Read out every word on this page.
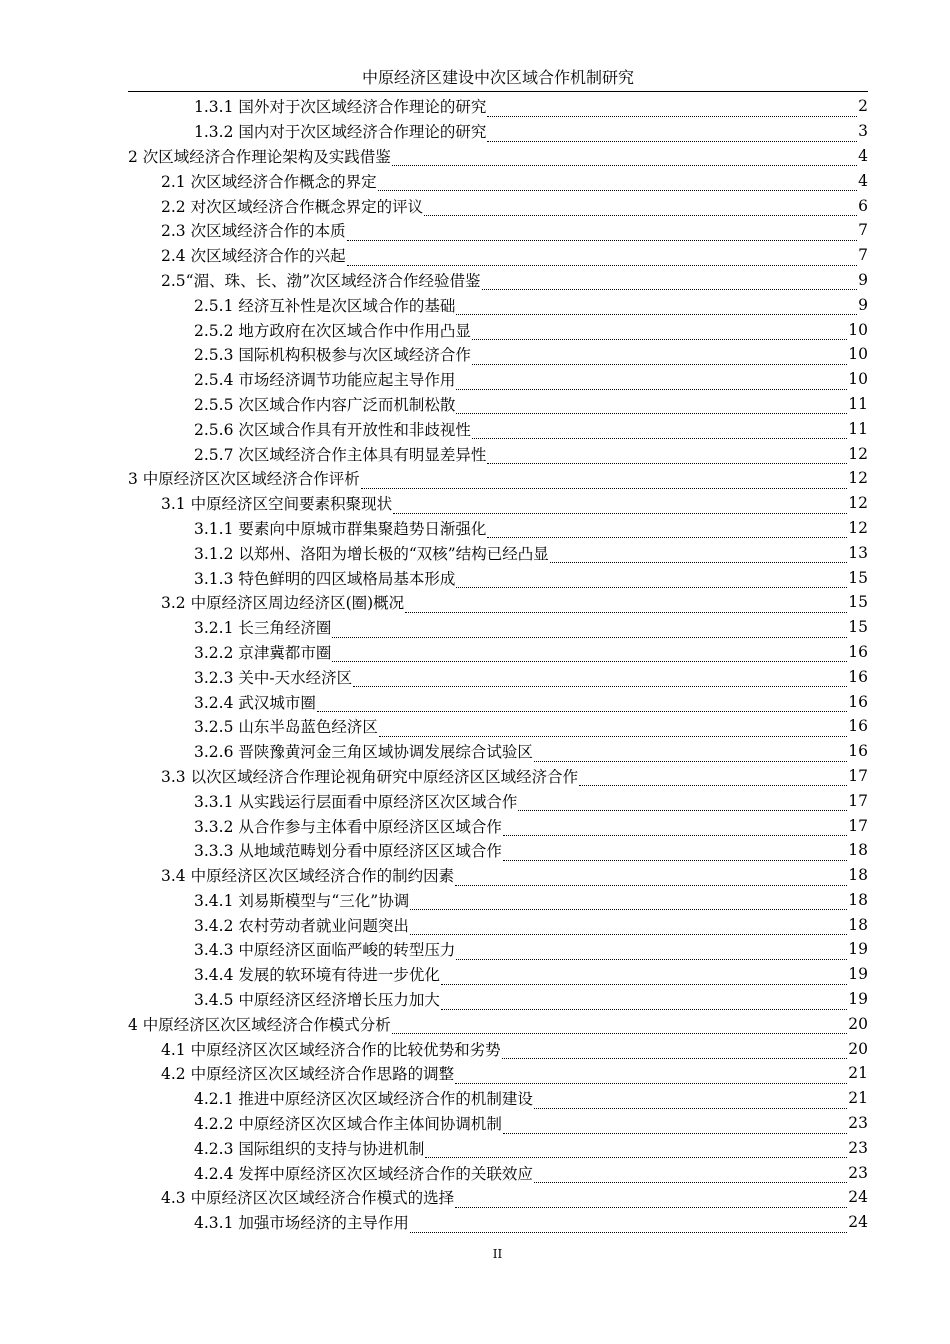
中原经济区建设中次区域合作机制研究
1.3.1 国外对于次区域经济合作理论的研究	2
1.3.2 国内对于次区域经济合作理论的研究	3
2 次区域经济合作理论架构及实践借鉴	4
2.1 次区域经济合作概念的界定	4
2.2 对次区域经济合作概念界定的评议	6
2.3 次区域经济合作的本质	7
2.4 次区域经济合作的兴起	7
2.5“湄、珠、长、渤”次区域经济合作经验借鉴	9
2.5.1 经济互补性是次区域合作的基础	9
2.5.2 地方政府在次区域合作中作用凸显	10
2.5.3 国际机构积极参与次区域经济合作	10
2.5.4 市场经济调节功能应起主导作用	10
2.5.5 次区域合作内容广泛而机制松散	11
2.5.6 次区域合作具有开放性和非歧视性	11
2.5.7 次区域经济合作主体具有明显差异性	12
3 中原经济区次区域经济合作评析	12
3.1 中原经济区空间要素积聚现状	12
3.1.1 要素向中原城市群集聚趋势日渐强化	12
3.1.2 以郑州、洛阳为增长极的“双核”结构已经凸显	13
3.1.3 特色鲜明的四区域格局基本形成	15
3.2 中原经济区周边经济区(圈)概况	15
3.2.1 长三角经济圈	15
3.2.2 京津冀都市圈	16
3.2.3 关中-天水经济区	16
3.2.4 武汉城市圈	16
3.2.5 山东半岛蓝色经济区	16
3.2.6 晋陕豫黄河金三角区域协调发展综合试验区	16
3.3 以次区域经济合作理论视角研究中原经济区区域经济合作	17
3.3.1 从实践运行层面看中原经济区次区域合作	17
3.3.2 从合作参与主体看中原经济区区域合作	17
3.3.3 从地域范畴划分看中原经济区区域合作	18
3.4 中原经济区次区域经济合作的制约因素	18
3.4.1 刘易斯模型与“三化”协调	18
3.4.2 农村劳动者就业问题突出	18
3.4.3 中原经济区面临严峻的转型压力	19
3.4.4 发展的软环境有待进一步优化	19
3.4.5 中原经济区经济增长压力加大	19
4 中原经济区次区域经济合作模式分析	20
4.1 中原经济区次区域经济合作的比较优势和劣势	20
4.2 中原经济区次区域经济合作思路的调整	21
4.2.1 推进中原经济区次区域经济合作的机制建设	21
4.2.2 中原经济区次区域合作主体间协调机制	23
4.2.3 国际组织的支持与协进机制	23
4.2.4 发挥中原经济区次区域经济合作的关联效应	23
4.3 中原经济区次区域经济合作模式的选择	24
4.3.1 加强市场经济的主导作用	24
II
